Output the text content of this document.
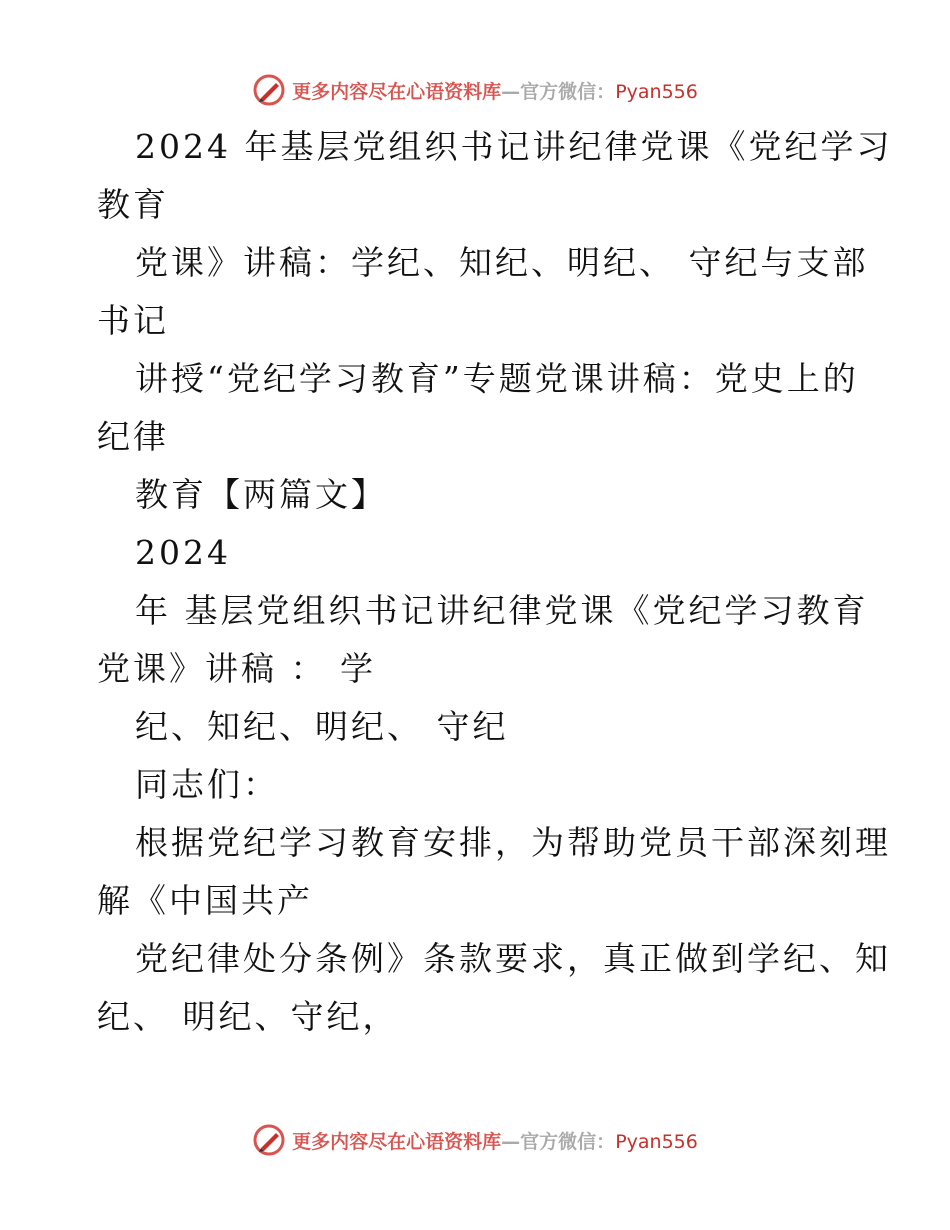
更多内容尽在心语资料库—官方微信：Pyan556
2024 年基层党组织书记讲纪律党课《党纪学习
教育
党课》讲稿：学纪、知纪、明纪、 守纪与支部
书记
讲授“党纪学习教育”专题党课讲稿：党史上的
纪律
教育【两篇文】
2024
年 基层党组织书记讲纪律党课《党纪学习教育
党课》讲稿 ： 学
纪、知纪、明纪、 守纪
同志们：
根据党纪学习教育安排，为帮助党员干部深刻理
解《中国共产
党纪律处分条例》条款要求，真正做到学纪、知
纪、 明纪、守纪，
更多内容尽在心语资料库—官方微信：Pyan556
